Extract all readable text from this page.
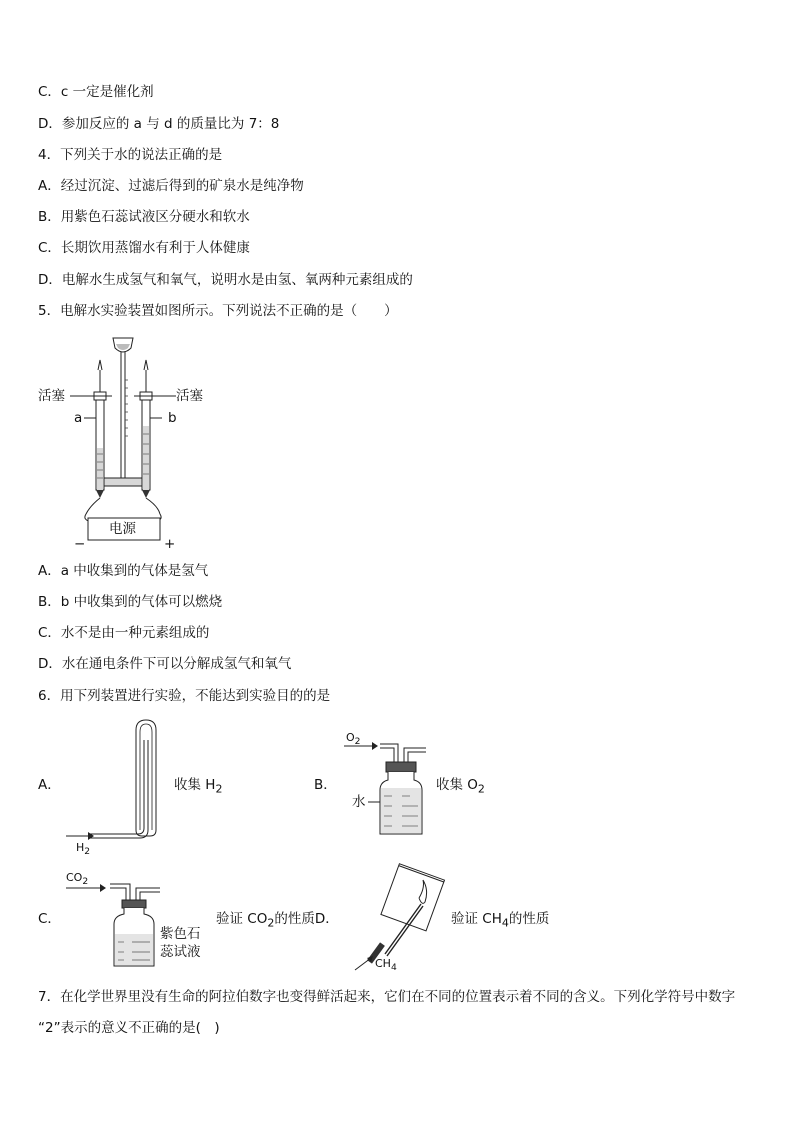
C．c 一定是催化剂
D．参加反应的 a 与 d 的质量比为 7：8
4．下列关于水的说法正确的是
A．经过沉淀、过滤后得到的矿泉水是纯净物
B．用紫色石蕊试液区分硬水和软水
C．长期饮用蒸馏水有利于人体健康
D．电解水生成氢气和氧气，说明水是由氢、氧两种元素组成的
5．电解水实验装置如图所示。下列说法不正确的是（　　）
活塞	活塞
a	b
电源
−	+
A．a 中收集到的气体是氢气
B．b 中收集到的气体可以燃烧
C．水不是由一种元素组成的
D．水在通电条件下可以分解成氢气和氧气
6．用下列装置进行实验，不能达到实验目的的是
A．
$H_2$
收集 $H_2$	B．
$O_2$
水
收集 $O_2$
C．
$CO_2$
紫色石
蕊试液
验证 $CO_2$的性质D．
$CH_4$
验证 $CH_4$的性质
7．在化学世界里没有生命的阿拉伯数字也变得鲜活起来，它们在不同的位置表示着不同的含义。下列化学符号中数字
“2”表示的意义不正确的是(　)
